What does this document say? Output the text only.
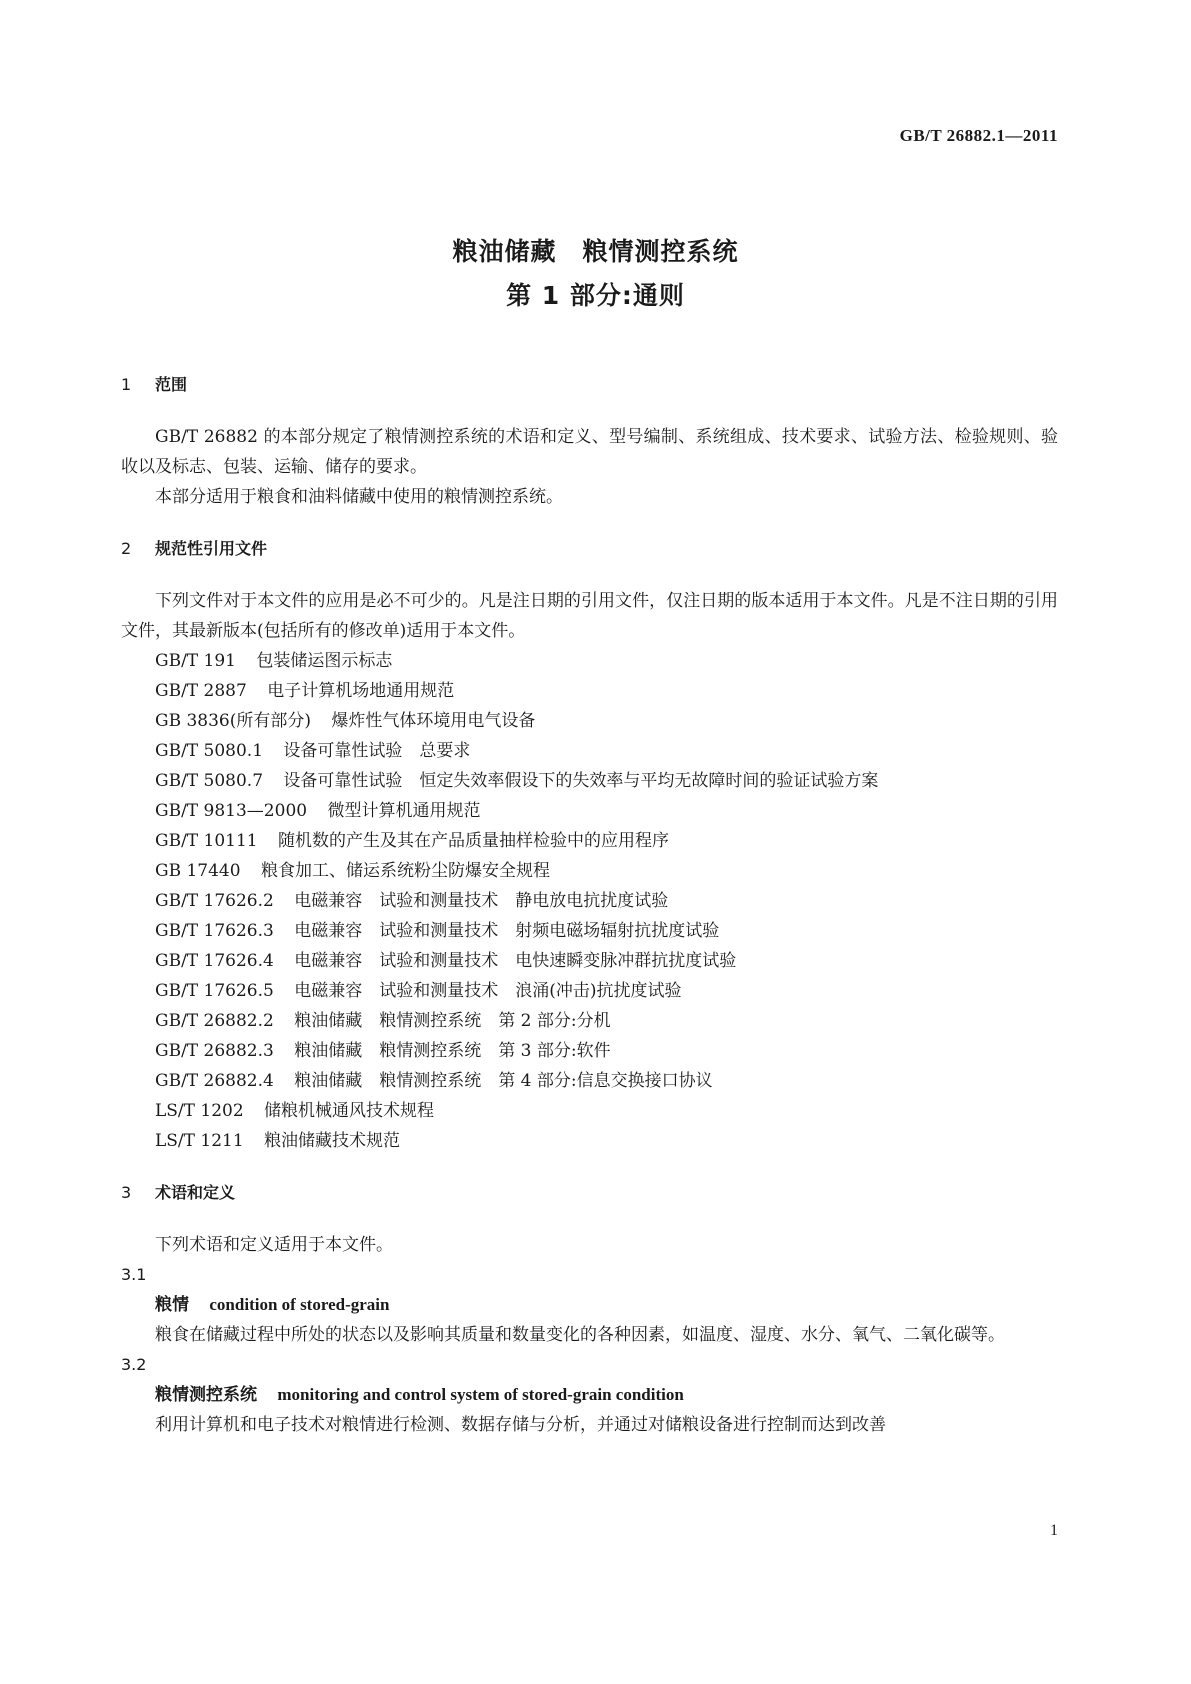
GB/T 26882.1—2011
粮油储藏　粮情测控系统
第 1 部分:通则
1 范围

GB/T 26882 的本部分规定了粮情测控系统的术语和定义、型号编制、系统组成、技术要求、试验方法、检验规则、验收以及标志、包装、运输、储存的要求。

本部分适用于粮食和油料储藏中使用的粮情测控系统。

2 规范性引用文件

下列文件对于本文件的应用是必不可少的。凡是注日期的引用文件，仅注日期的版本适用于本文件。凡是不注日期的引用文件，其最新版本(包括所有的修改单)适用于本文件。

GB/T 191 包装储运图示标志

GB/T 2887 电子计算机场地通用规范

GB 3836(所有部分) 爆炸性气体环境用电气设备

GB/T 5080.1 设备可靠性试验　总要求

GB/T 5080.7 设备可靠性试验　恒定失效率假设下的失效率与平均无故障时间的验证试验方案

GB/T 9813—2000 微型计算机通用规范

GB/T 10111 随机数的产生及其在产品质量抽样检验中的应用程序

GB 17440 粮食加工、储运系统粉尘防爆安全规程

GB/T 17626.2 电磁兼容　试验和测量技术　静电放电抗扰度试验

GB/T 17626.3 电磁兼容　试验和测量技术　射频电磁场辐射抗扰度试验

GB/T 17626.4 电磁兼容　试验和测量技术　电快速瞬变脉冲群抗扰度试验

GB/T 17626.5 电磁兼容　试验和测量技术　浪涌(冲击)抗扰度试验

GB/T 26882.2 粮油储藏　粮情测控系统　第 2 部分:分机

GB/T 26882.3 粮油储藏　粮情测控系统　第 3 部分:软件

GB/T 26882.4 粮油储藏　粮情测控系统　第 4 部分:信息交换接口协议

LS/T 1202 储粮机械通风技术规程

LS/T 1211 粮油储藏技术规范

3 术语和定义

下列术语和定义适用于本文件。

3.1

粮情 condition of stored-grain

粮食在储藏过程中所处的状态以及影响其质量和数量变化的各种因素，如温度、湿度、水分、氧气、二氧化碳等。

3.2

粮情测控系统 monitoring and control system of stored-grain condition

利用计算机和电子技术对粮情进行检测、数据存储与分析，并通过对储粮设备进行控制而达到改善

1
